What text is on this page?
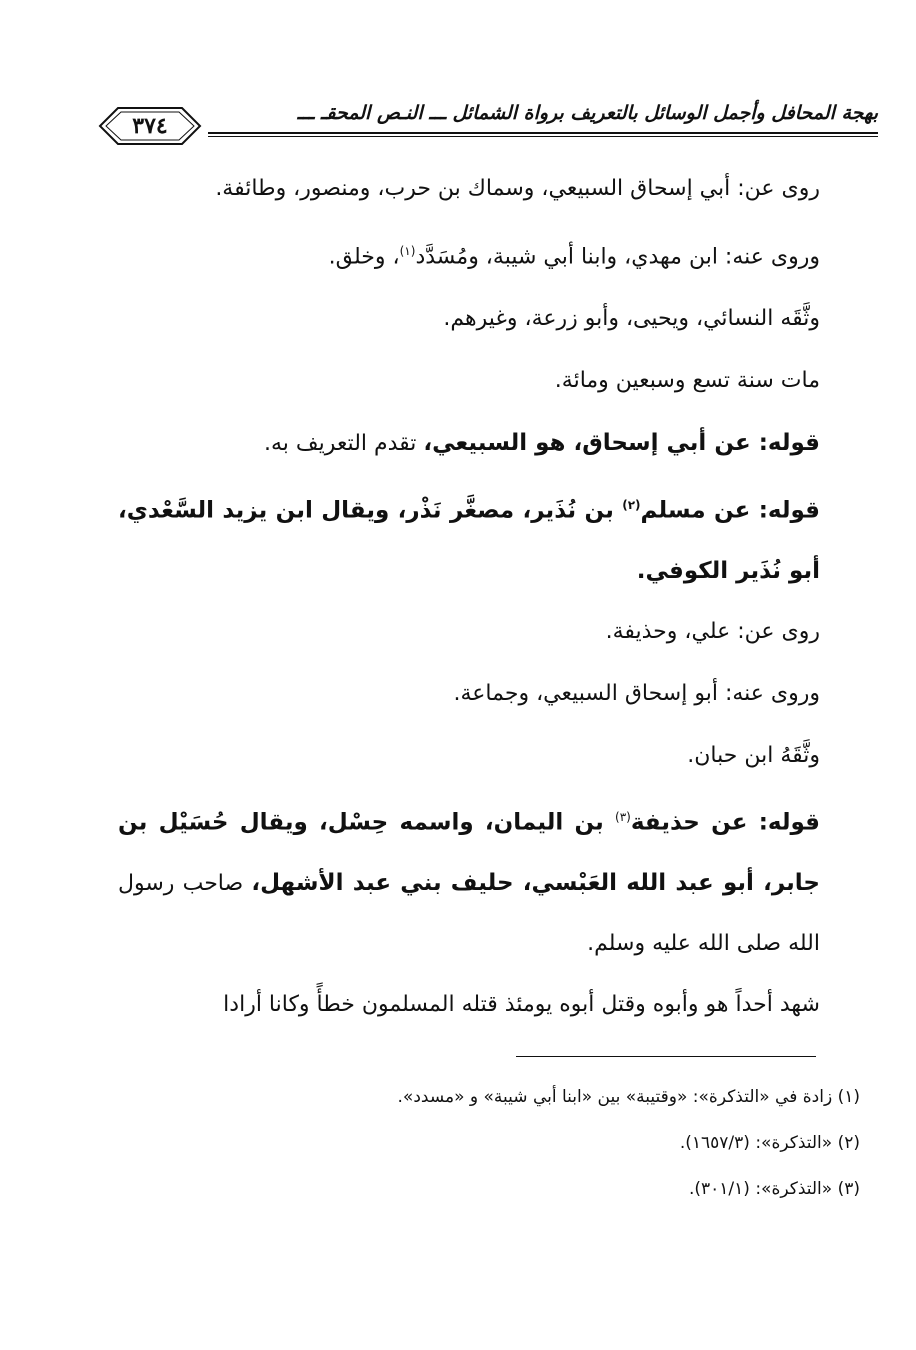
٣٧٤	بهجة المحافل وأجمل الوسائل بالتعريف برواة الشمائل ـــ النـص المحقـ ـــ

روى عن: أبي إسحاق السبيعي، وسماك بن حرب، ومنصور، وطائفة.

وروى عنه: ابن مهدي، وابنا أبي شيبة، ومُسَدَّد$^{(١)}$، وخلق.

وثَّقَه النسائي، ويحيى، وأبو زرعة، وغيرهم.

مات سنة تسع وسبعين ومائة.

قوله: عن أبي إسحاق، هو السبيعي، تقدم التعريف به.

قوله: عن مسلم$^{(٢)}$ بن نُذَير، مصغَّر نَذْر، ويقال ابن يزيد السَّعْدي، أبو نُذَير الكوفي.

روى عن: علي، وحذيفة.

وروى عنه: أبو إسحاق السبيعي، وجماعة.

وثَّقَهُ ابن حبان.

قوله: عن حذيفة$^{(٣)}$ بن اليمان، واسمه حِسْل، ويقال حُسَيْل بن جابر، أبو عبد الله العَبْسي، حليف بني عبد الأشهل، صاحب رسول الله صلى الله عليه وسلم.

شهد أحداً هو وأبوه وقتل أبوه يومئذ قتله المسلمون خطأً وكانا أرادا

(١) زادة في «التذكرة»: «وقتيبة» بين «ابنا أبي شيبة» و «مسدد».
(٢) «التذكرة»: (١٦٥٧/٣).
(٣) «التذكرة»: (٣٠١/١).
